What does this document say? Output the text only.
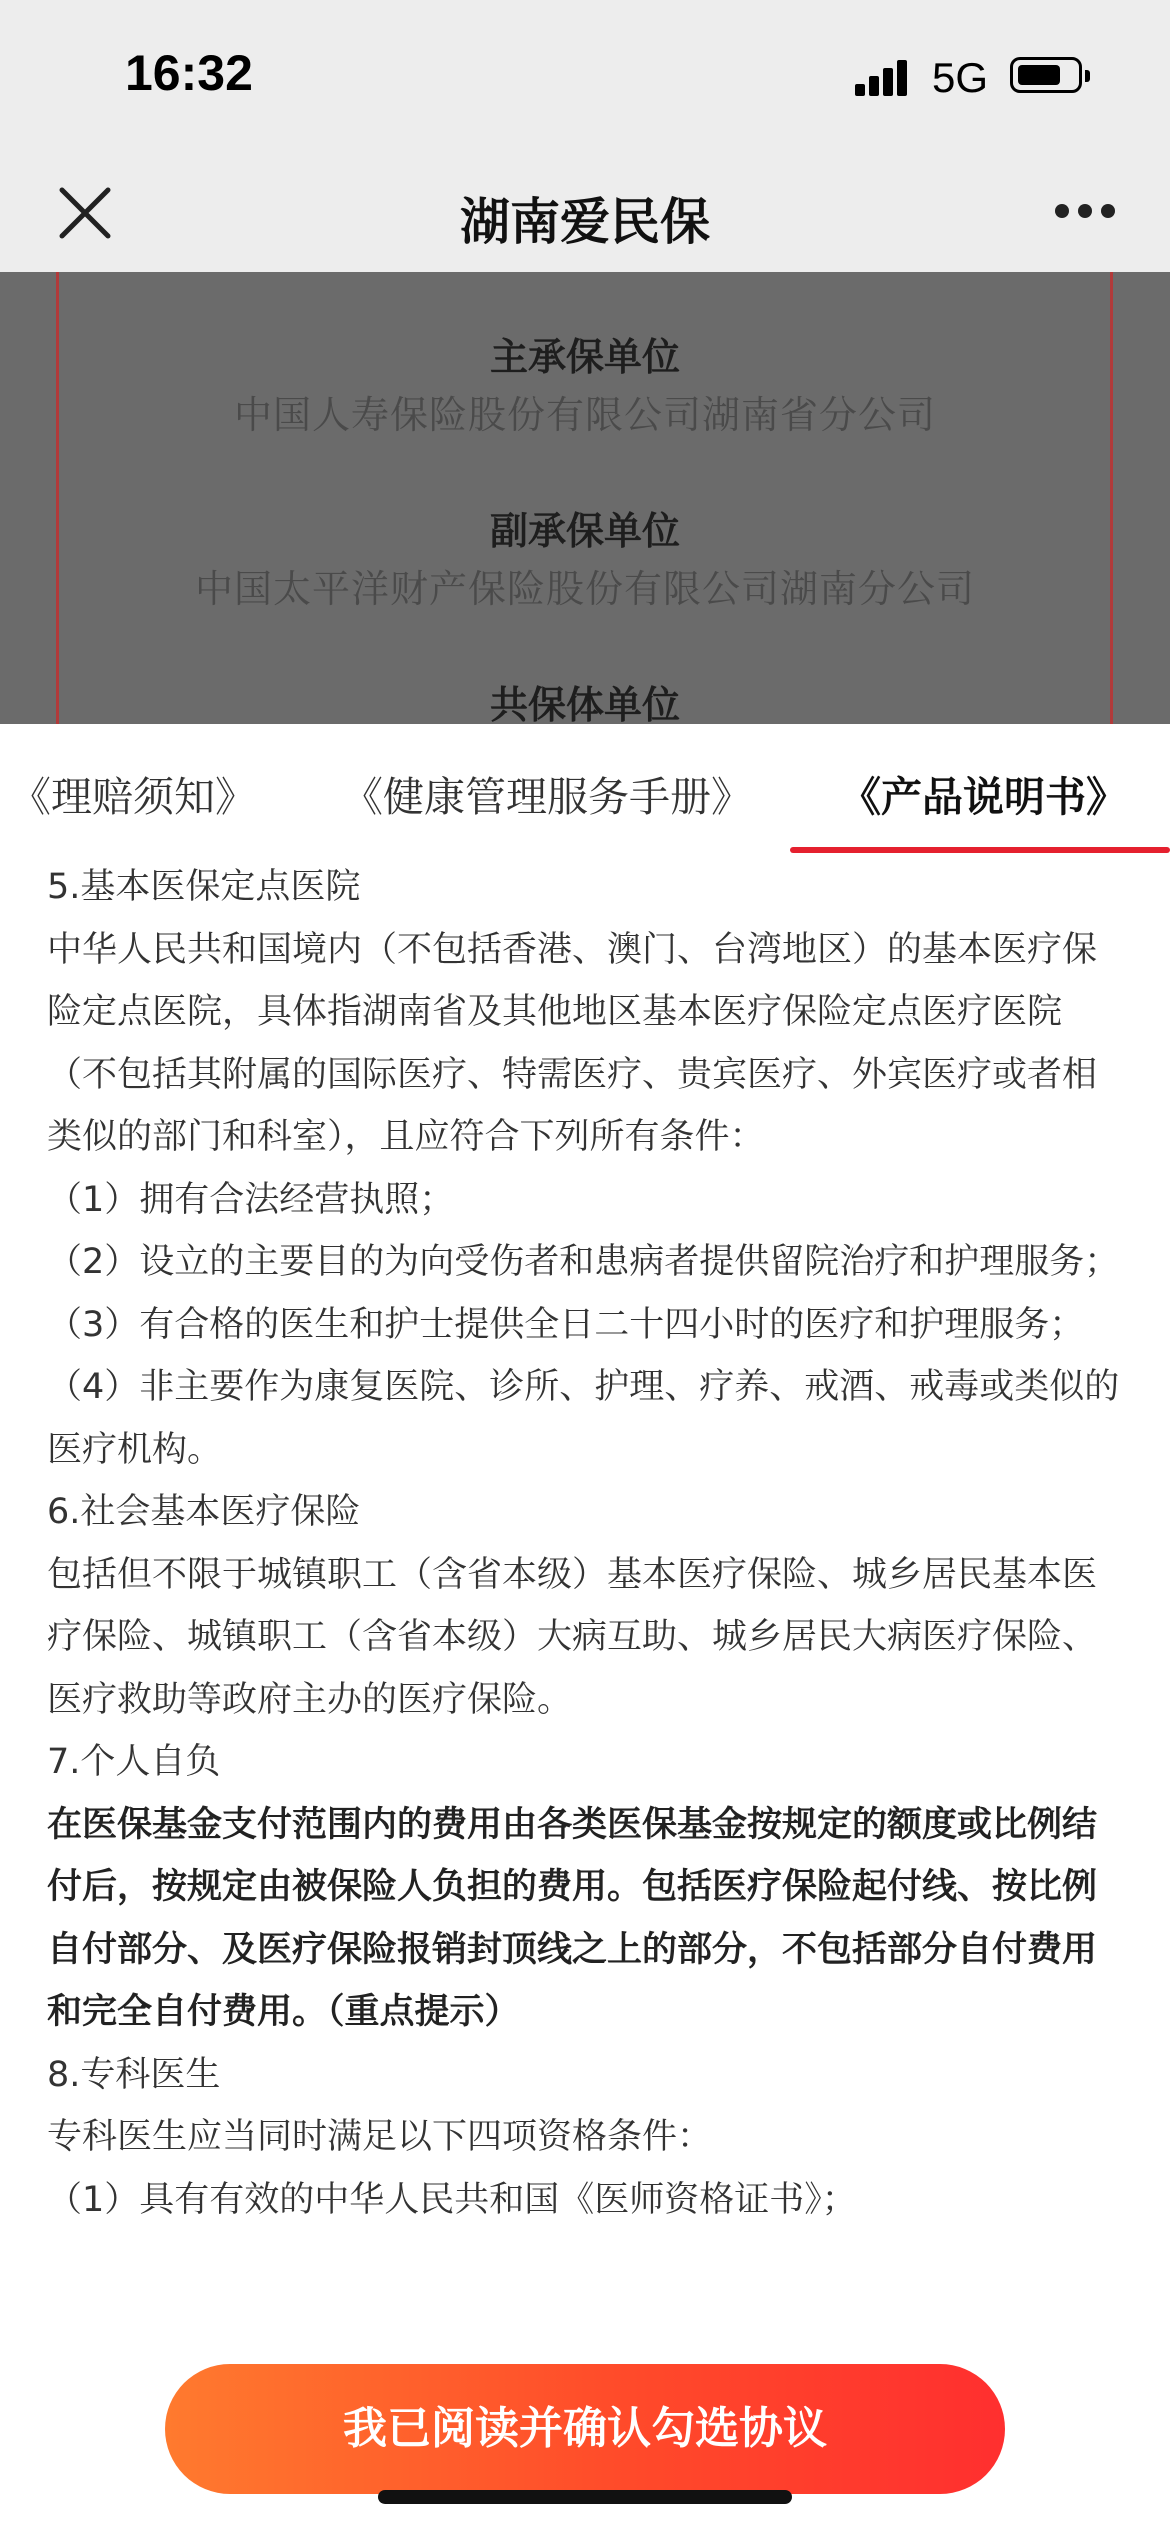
16:32	5G
湖南爱民保
主承保单位
中国人寿保险股份有限公司湖南省分公司
副承保单位
中国太平洋财产保险股份有限公司湖南分公司
共保体单位
《理赔须知》 《健康管理服务手册》 《产品说明书》

5.基本医保定点医院

中华人民共和国境内（不包括香港、澳门、台湾地区）的基本医疗保险定点医院，具体指湖南省及其他地区基本医疗保险定点医疗医院（不包括其附属的国际医疗、特需医疗、贵宾医疗、外宾医疗或者相类似的部门和科室），且应符合下列所有条件：

（1）拥有合法经营执照；

（2）设立的主要目的为向受伤者和患病者提供留院治疗和护理服务；

（3）有合格的医生和护士提供全日二十四小时的医疗和护理服务；

（4）非主要作为康复医院、诊所、护理、疗养、戒酒、戒毒或类似的医疗机构。

6.社会基本医疗保险

包括但不限于城镇职工（含省本级）基本医疗保险、城乡居民基本医疗保险、城镇职工（含省本级）大病互助、城乡居民大病医疗保险、医疗救助等政府主办的医疗保险。

7.个人自负

在医保基金支付范围内的费用由各类医保基金按规定的额度或比例结付后，按规定由被保险人负担的费用。包括医疗保险起付线、按比例自付部分、及医疗保险报销封顶线之上的部分，不包括部分自付费用和完全自付费用。（重点提示）

8.专科医生

专科医生应当同时满足以下四项资格条件：

（1）具有有效的中华人民共和国《医师资格证书》；

我已阅读并确认勾选协议
